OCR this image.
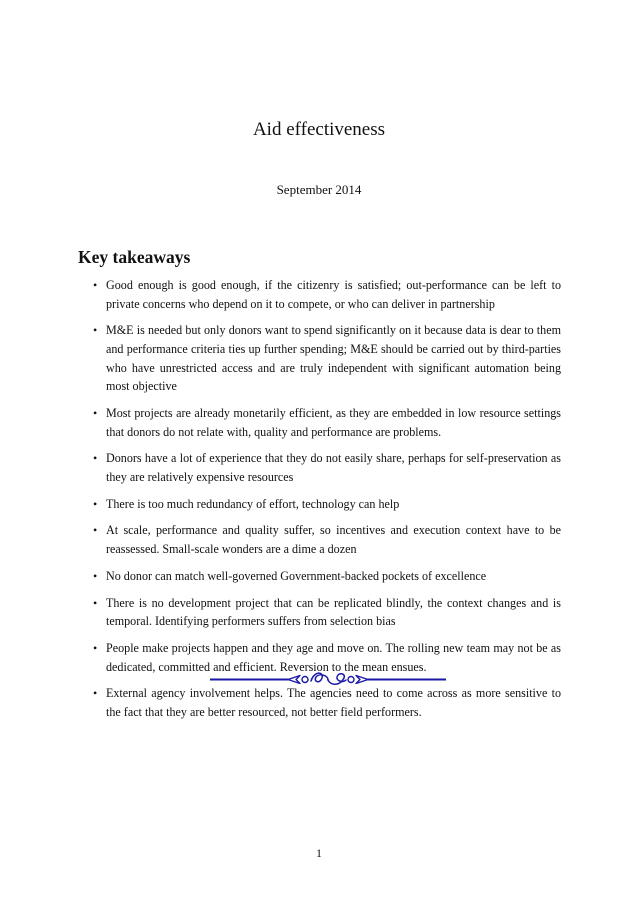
Aid effectiveness
September 2014
Key takeaways
• Good enough is good enough, if the citizenry is satisfied; out-performance can be left to private concerns who depend on it to compete, or who can deliver in partnership
• M&E is needed but only donors want to spend significantly on it because data is dear to them and performance criteria ties up further spending; M&E should be carried out by third-parties who have unrestricted access and are truly independent with significant automation being most objective
• Most projects are already monetarily efficient, as they are embedded in low resource settings that donors do not relate with, quality and performance are problems.
• Donors have a lot of experience that they do not easily share, perhaps for self-preservation as they are relatively expensive resources
• There is too much redundancy of effort, technology can help
• At scale, performance and quality suffer, so incentives and execution context have to be reassessed. Small-scale wonders are a dime a dozen
• No donor can match well-governed Government-backed pockets of excellence
• There is no development project that can be replicated blindly, the context changes and is temporal. Identifying performers suffers from selection bias
• People make projects happen and they age and move on. The rolling new team may not be as dedicated, committed and efficient. Reversion to the mean ensues.
• External agency involvement helps. The agencies need to come across as more sensitive to the fact that they are better resourced, not better field performers.
1
